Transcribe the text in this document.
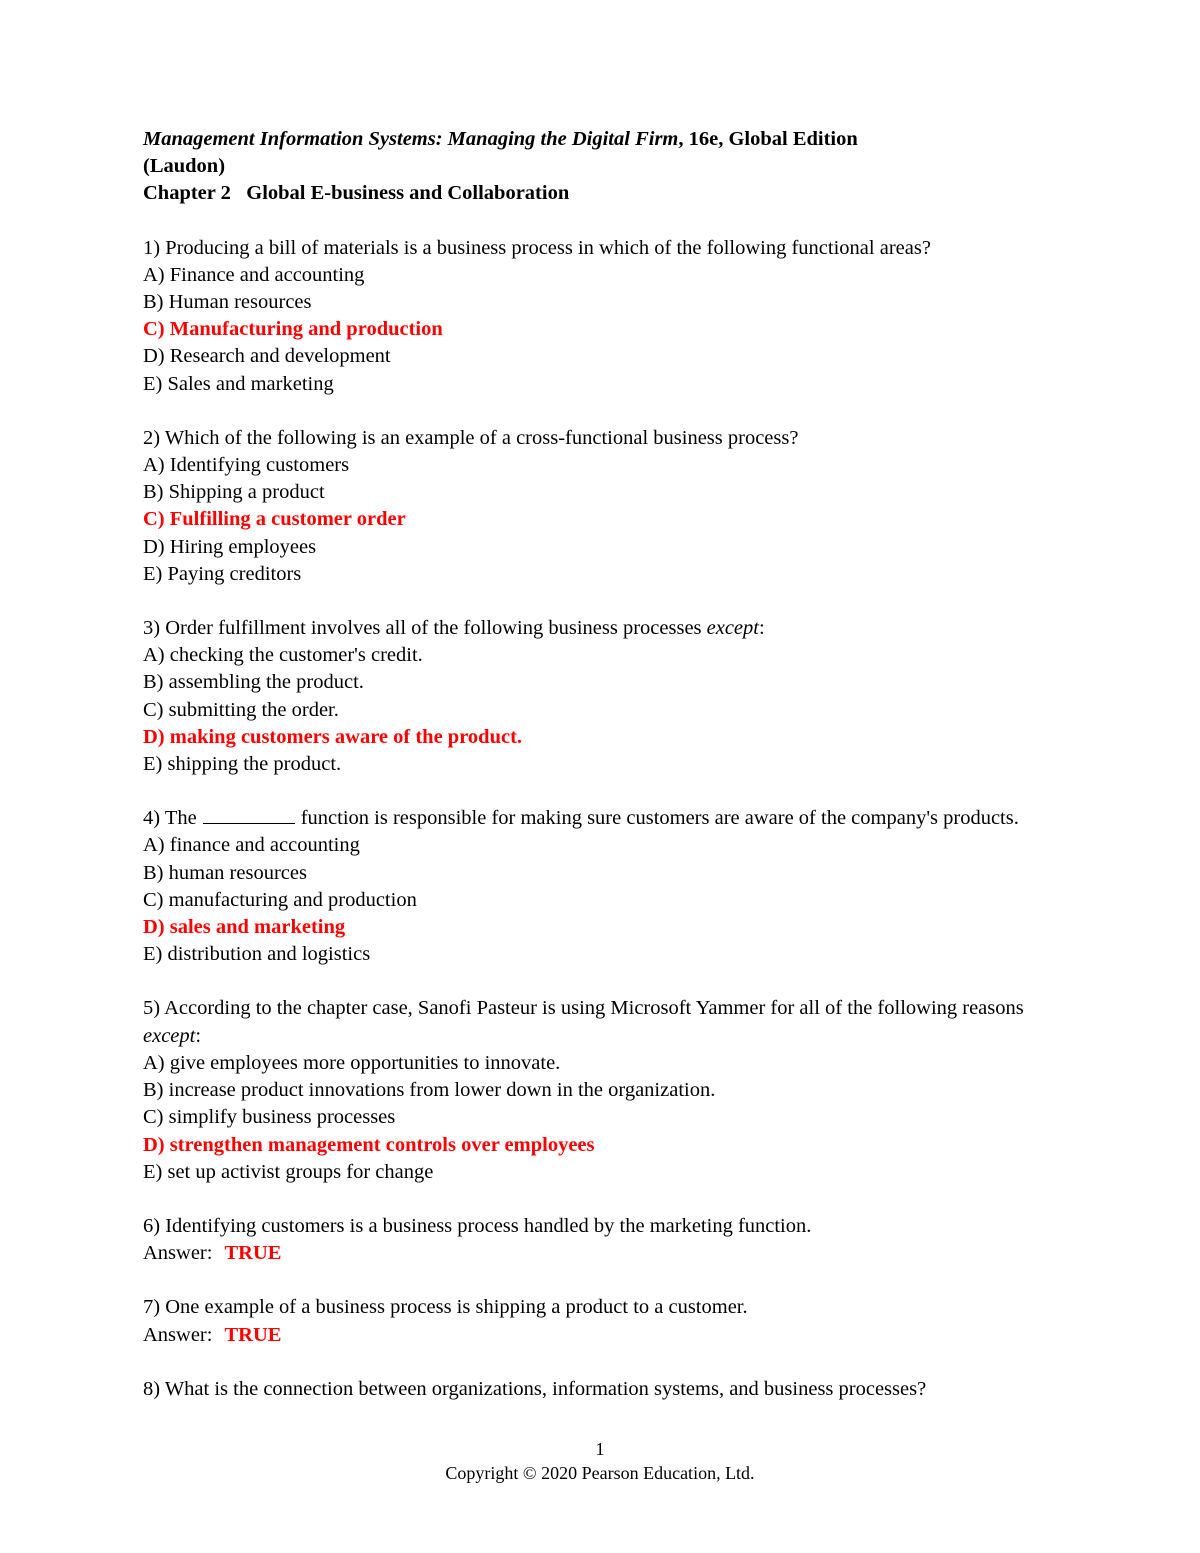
Management Information Systems: Managing the Digital Firm, 16e, Global Edition
(Laudon)
Chapter 2 Global E-business and Collaboration
1) Producing a bill of materials is a business process in which of the following functional areas?
A) Finance and accounting
B) Human resources
C) Manufacturing and production
D) Research and development
E) Sales and marketing
2) Which of the following is an example of a cross-functional business process?
A) Identifying customers
B) Shipping a product
C) Fulfilling a customer order
D) Hiring employees
E) Paying creditors
3) Order fulfillment involves all of the following business processes except:
A) checking the customer's credit.
B) assembling the product.
C) submitting the order.
D) making customers aware of the product.
E) shipping the product.
4) The	function is responsible for making sure customers are aware of the company's products.
A) finance and accounting
B) human resources
C) manufacturing and production
D) sales and marketing
E) distribution and logistics
5) According to the chapter case, Sanofi Pasteur is using Microsoft Yammer for all of the following reasons except:
A) give employees more opportunities to innovate.
B) increase product innovations from lower down in the organization.
C) simplify business processes
D) strengthen management controls over employees
E) set up activist groups for change
6) Identifying customers is a business process handled by the marketing function.
Answer: TRUE
7) One example of a business process is shipping a product to a customer.
Answer: TRUE
8) What is the connection between organizations, information systems, and business processes?
1
Copyright © 2020 Pearson Education, Ltd.
